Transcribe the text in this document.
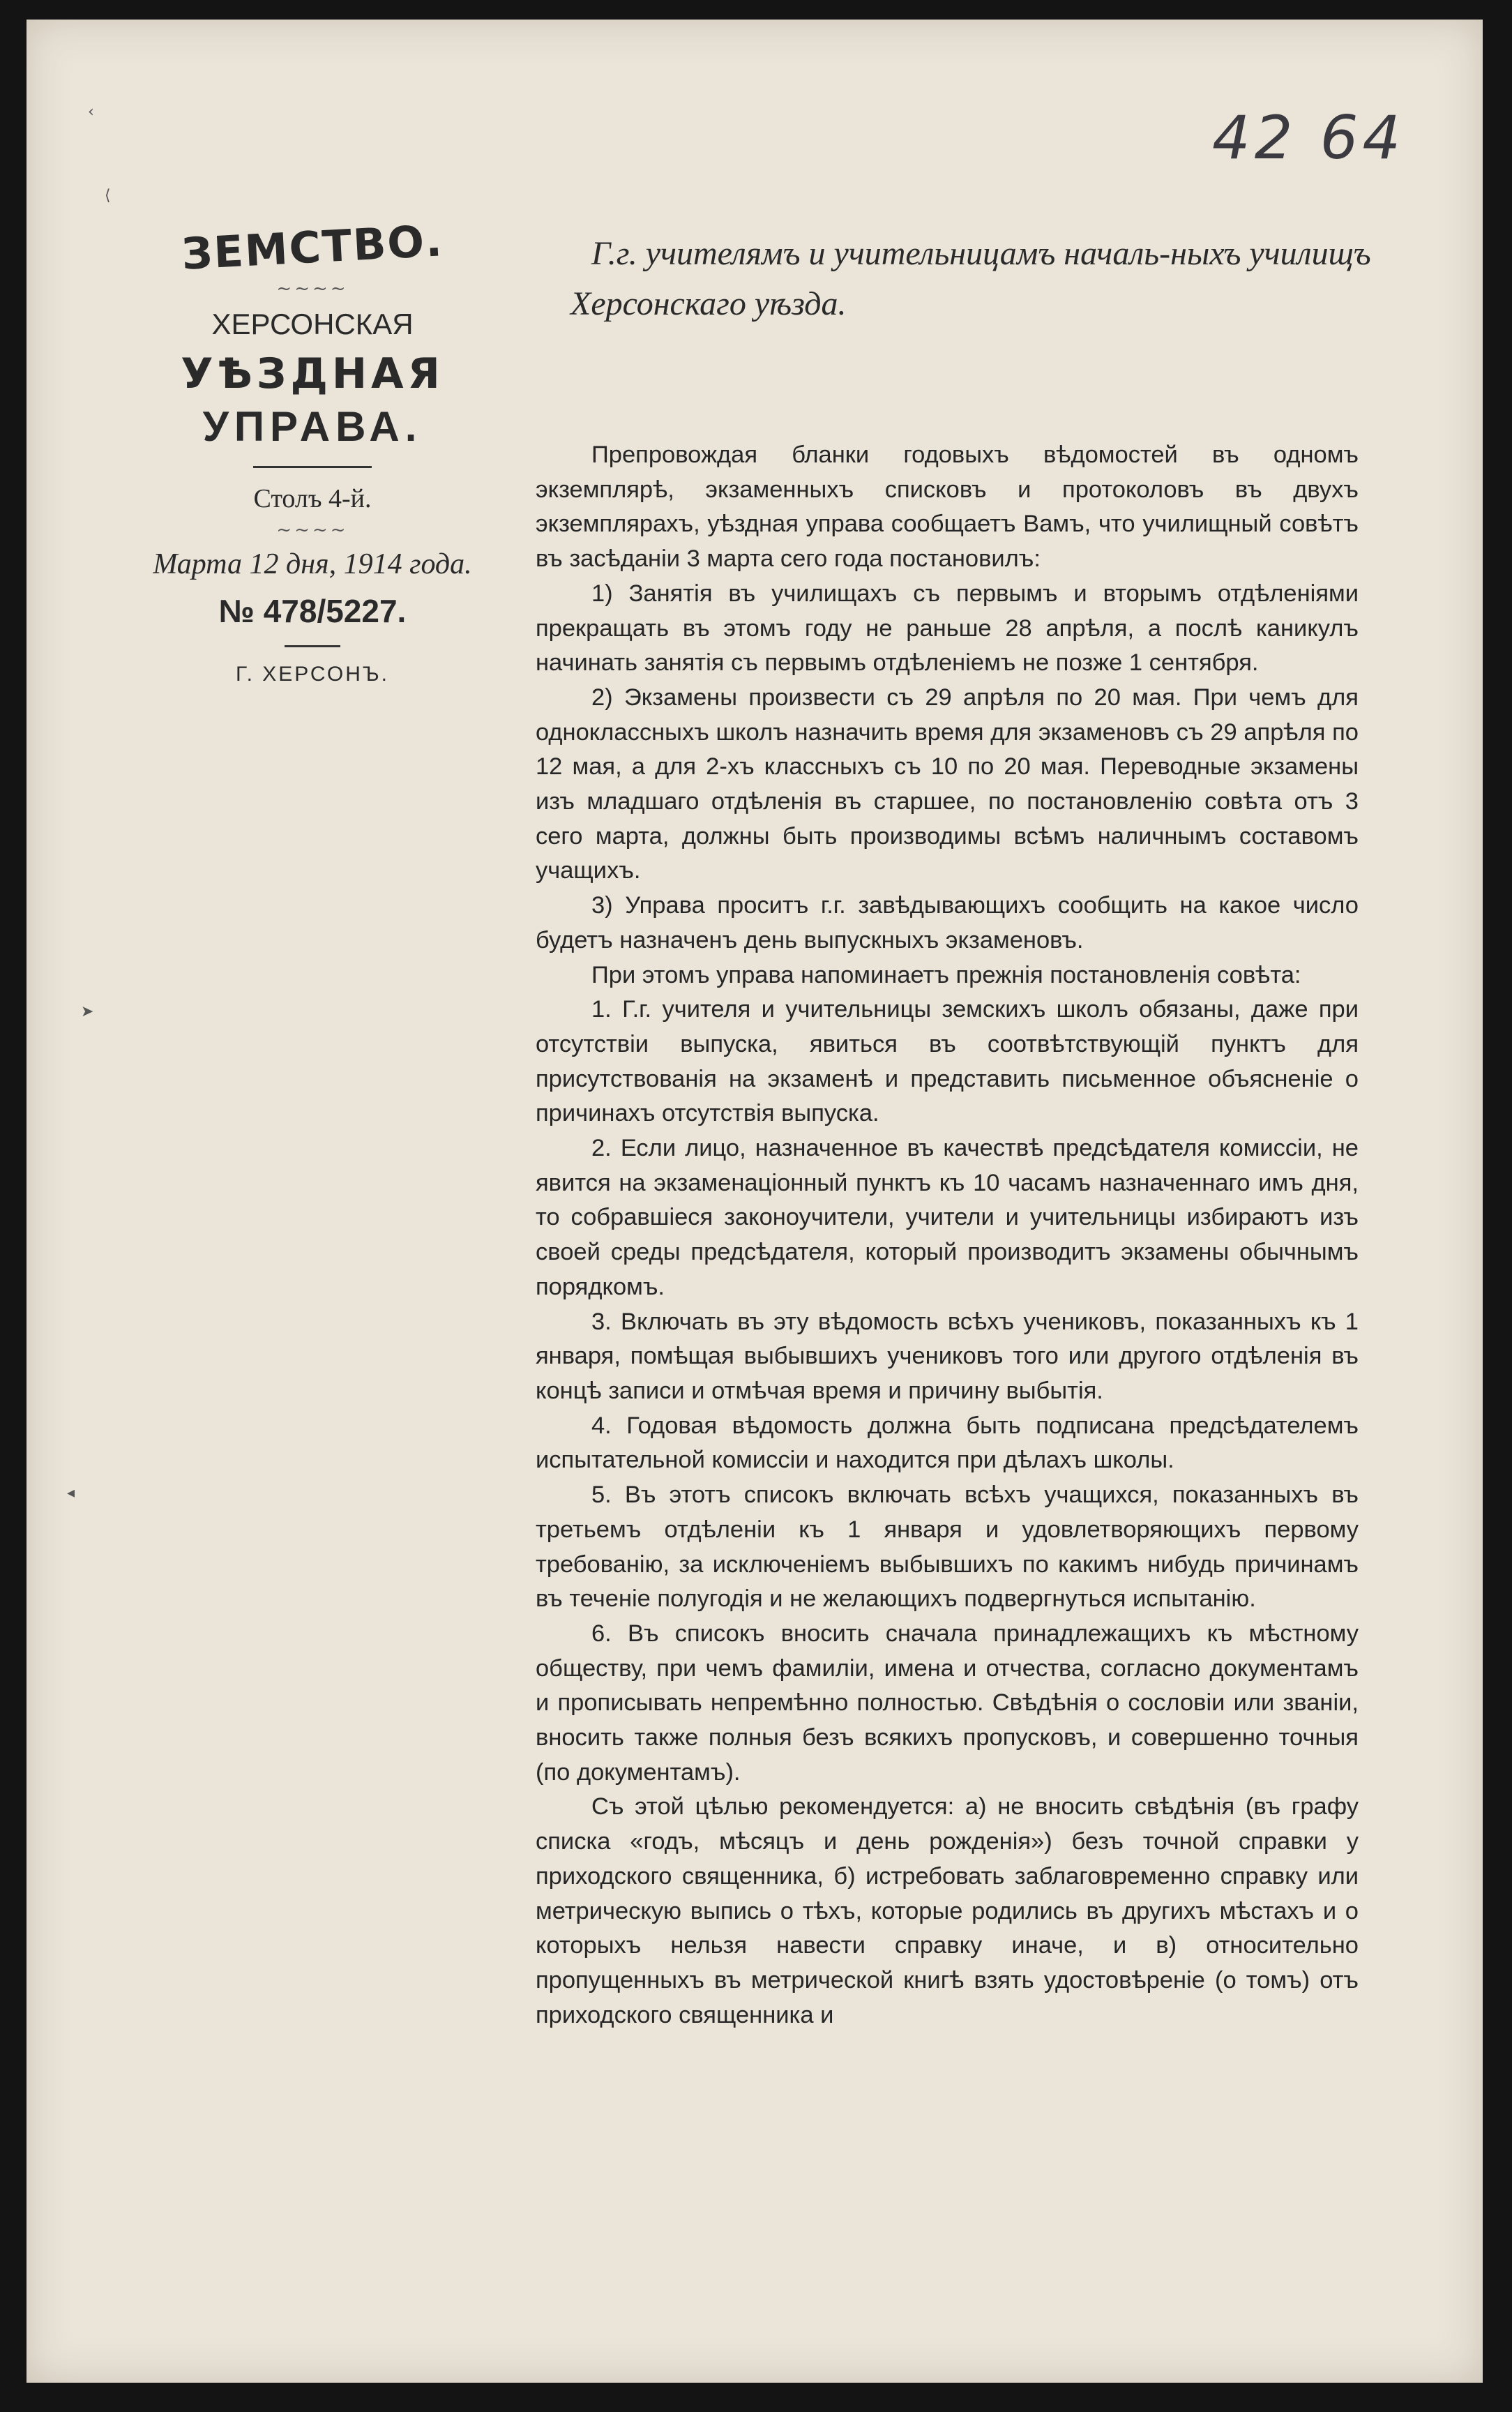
42 64
‹
⟨
➤
◂
ЗЕМСТВО.
~~~~
ХЕРСОНСКАЯ
УѢЗДНАЯ
УПРАВА.
Столъ 4-й.
~~~~
Марта 12 дня, 1914 года.
№ 478/5227.
Г. ХЕРСОНЪ.
Г.г. учителямъ и учительницамъ началь-ныхъ училищъ Херсонскаго уѣзда.

Препровождая бланки годовыхъ вѣдомостей въ одномъ экземплярѣ, экзаменныхъ списковъ и протоколовъ въ двухъ экземплярахъ, уѣздная управа сообщаетъ Вамъ, что училищный совѣтъ въ засѣданіи 3 марта сего года постановилъ:

1) Занятія въ училищахъ съ первымъ и вторымъ отдѣленіями прекращать въ этомъ году не раньше 28 апрѣля, а послѣ каникулъ начинать занятія съ первымъ отдѣленіемъ не позже 1 сентября.

2) Экзамены произвести съ 29 апрѣля по 20 мая. При чемъ для одноклассныхъ школъ назначить время для экзаменовъ съ 29 апрѣля по 12 мая, а для 2-хъ классныхъ съ 10 по 20 мая. Переводные экзамены изъ младшаго отдѣленія въ старшее, по постановленію совѣта отъ 3 сего марта, должны быть производимы всѣмъ наличнымъ составомъ учащихъ.

3) Управа проситъ г.г. завѣдывающихъ сообщить на какое число будетъ назначенъ день выпускныхъ экзаменовъ.

При этомъ управа напоминаетъ прежнія постановленія совѣта:

1. Г.г. учителя и учительницы земскихъ школъ обязаны, даже при отсутствіи выпуска, явиться въ соотвѣтствующій пунктъ для присутствованія на экзаменѣ и представить письменное объясненіе о причинахъ отсутствія выпуска.

2. Если лицо, назначенное въ качествѣ предсѣдателя комиссіи, не явится на экзаменаціонный пунктъ къ 10 часамъ назначеннаго имъ дня, то собравшіеся законоучители, учители и учительницы избираютъ изъ своей среды предсѣдателя, который производитъ экзамены обычнымъ порядкомъ.

3. Включать въ эту вѣдомость всѣхъ учениковъ, показанныхъ къ 1 января, помѣщая выбывшихъ учениковъ того или другого отдѣленія въ концѣ записи и отмѣчая время и причину выбытія.

4. Годовая вѣдомость должна быть подписана предсѣдателемъ испытательной комиссіи и находится при дѣлахъ школы.

5. Въ этотъ списокъ включать всѣхъ учащихся, показанныхъ въ третьемъ отдѣленіи къ 1 января и удовлетворяющихъ первому требованію, за исключеніемъ выбывшихъ по какимъ нибудь причинамъ въ теченіе полугодія и не желающихъ подвергнуться испытанію.

6. Въ списокъ вносить сначала принадлежащихъ къ мѣстному обществу, при чемъ фамиліи, имена и отчества, согласно документамъ и прописывать непремѣнно полностью. Свѣдѣнія о сословіи или званіи, вносить также полныя безъ всякихъ пропусковъ, и совершенно точныя (по документамъ).

Съ этой цѣлью рекомендуется: а) не вносить свѣдѣнія (въ графу списка «годъ, мѣсяцъ и день рожденія») безъ точной справки у приходского священника, б) истребовать заблаговременно справку или метрическую выпись о тѣхъ, которые родились въ другихъ мѣстахъ и о которыхъ нельзя навести справку иначе, и в) относительно пропущенныхъ въ метрической книгѣ взять удостовѣреніе (о томъ) отъ приходского священника и
